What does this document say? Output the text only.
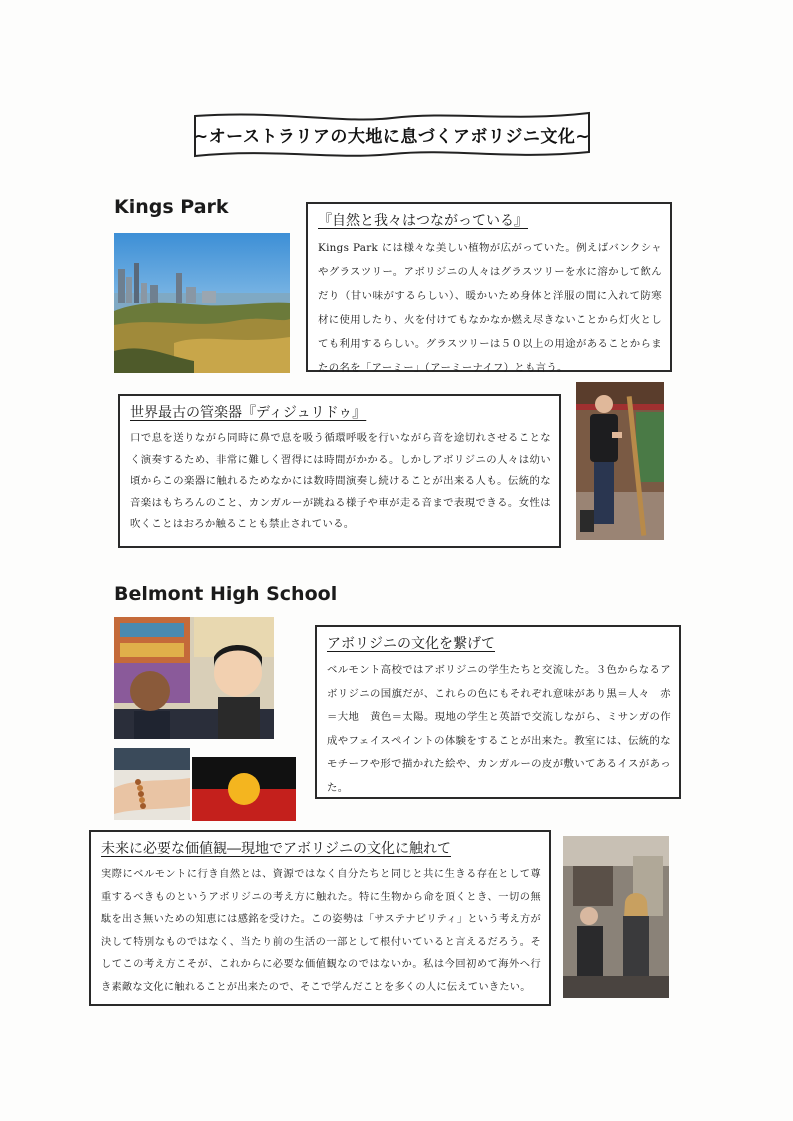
~オーストラリアの大地に息づくアボリジニ文化~
Kings Park
『自然と我々はつながっている』
Kings Park には様々な美しい植物が広がっていた。例えばバンクシャやグラスツリー。アボリジニの人々はグラスツリーを水に溶かして飲んだり（甘い味がするらしい）、暖かいため身体と洋服の間に入れて防寒材に使用したり、火を付けてもなかなか燃え尽きないことから灯火としても利用するらしい。グラスツリーは５０以上の用途があることからまたの名を「アーミー」（アーミーナイフ）とも言う。
世界最古の管楽器『ディジュリドゥ』
口で息を送りながら同時に鼻で息を吸う循環呼吸を行いながら音を途切れさせることなく演奏するため、非常に難しく習得には時間がかかる。しかしアボリジニの人々は幼い頃からこの楽器に触れるためなかには数時間演奏し続けることが出来る人も。伝統的な音楽はもちろんのこと、カンガルーが跳ねる様子や車が走る音まで表現できる。女性は吹くことはおろか触ることも禁止されている。
Belmont High School
アボリジニの文化を繋げて
ベルモント高校ではアボリジニの学生たちと交流した。３色からなるアボリジニの国旗だが、これらの色にもそれぞれ意味があり黒＝人々　赤＝大地　黄色＝太陽。現地の学生と英語で交流しながら、ミサンガの作成やフェイスペイントの体験をすることが出来た。教室には、伝統的なモチーフや形で描かれた絵や、カンガルーの皮が敷いてあるイスがあった。
未来に必要な価値観―現地でアボリジニの文化に触れて
実際にベルモントに行き自然とは、資源ではなく自分たちと同じと共に生きる存在として尊重するべきものというアボリジニの考え方に触れた。特に生物から命を頂くとき、一切の無駄を出さ無いための知恵には感銘を受けた。この姿勢は「サステナビリティ」という考え方が決して特別なものではなく、当たり前の生活の一部として根付いていると言えるだろう。そしてこの考え方こそが、これからに必要な価値観なのではないか。私は今回初めて海外へ行き素敵な文化に触れることが出来たので、そこで学んだことを多くの人に伝えていきたい。
